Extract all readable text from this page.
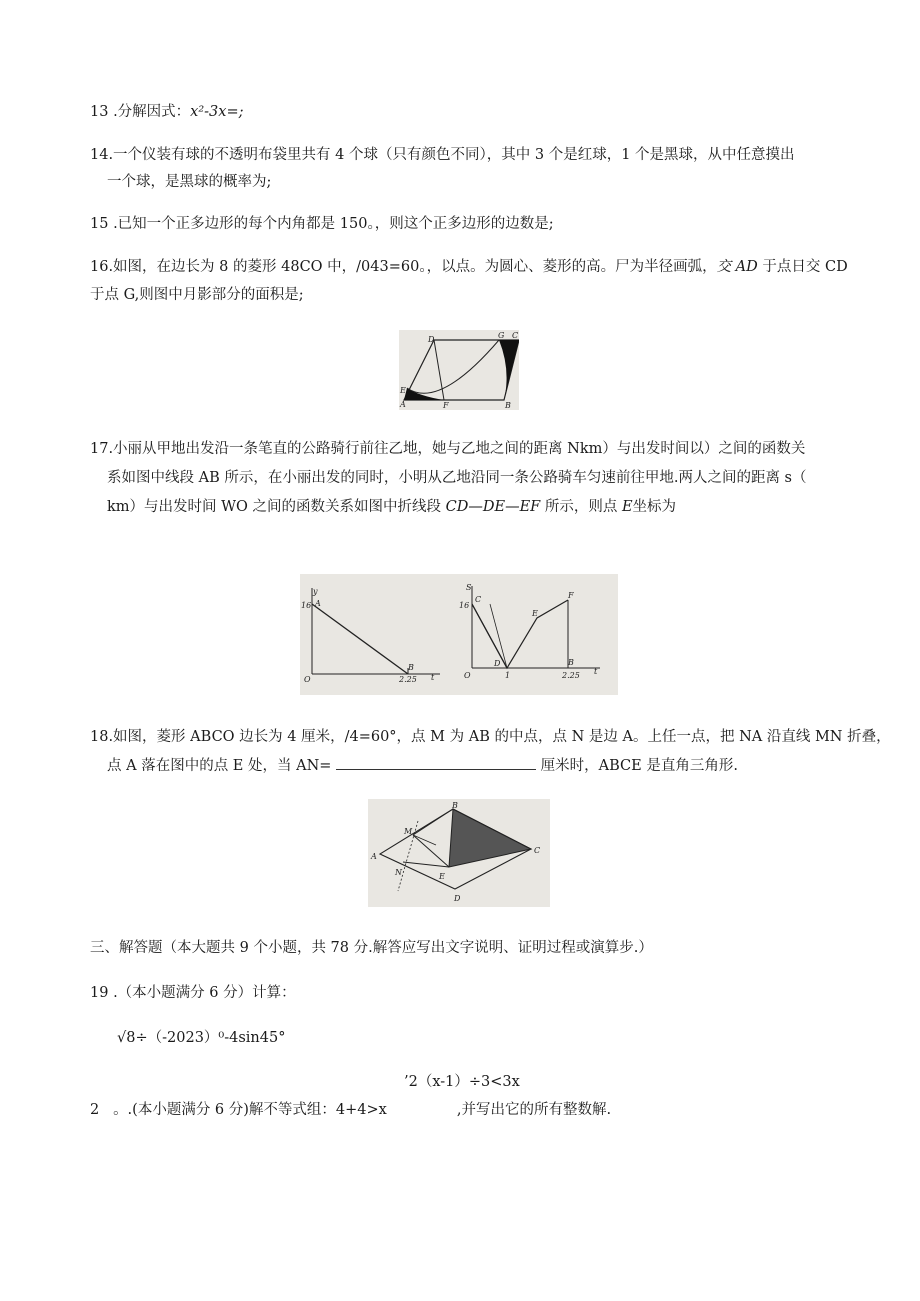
13 .分解因式：x²-3x=;
14.一个仪装有球的不透明布袋里共有 4 个球（只有颜色不同），其中 3 个是红球，1 个是黑球，从中任意摸出
一个球，是黑球的概率为;
15 .已知一个正多边形的每个内角都是 150。，则这个正多边形的边数是;
16.如图，在边长为 8 的菱形 48CO 中，/043=60。，以点。为圆心、菱形的高。尸为半径画弧，交 AD 于点日交 CD
于点 G,则图中月影部分的面积是;
D	G C
E
A	F	B
17.小丽从甲地出发沿一条笔直的公路骑行前往乙地，她与乙地之间的距离 Nkm）与出发时间以）之间的函数关
系如图中线段 AB 所示，在小丽出发的同时，小明从乙地沿同一条公路骑车匀速前往甲地.两人之间的距离 s（
km）与出发时间 WO 之间的函数关系如图中折线段 CD—DE—EF 所示，则点 E坐标为
y
t
16
2.25
O
A
B
S
t
16
1	2.25
O
C
D
E
F
B
18.如图，菱形 ABCO 边长为 4 厘米，/4=60°，点 M 为 AB 的中点，点 N 是边 A。上任一点，把 NA 沿直线 MN 折叠，
点 A 落在图中的点 E 处，当 AN=	厘米时，ABCE 是直角三角形.
B
M
A
N	E
C
D
三、解答题（本大题共 9 个小题，共 78 分.解答应写出文字说明、证明过程或演算步.）
19 .（本小题满分 6 分）计算：
√8÷（-2023）⁰-4sin45°
’2（x-1）÷3<3x
2 。.(本小题满分 6 分)解不等式组：4+4>x	,并写出它的所有整数解.
